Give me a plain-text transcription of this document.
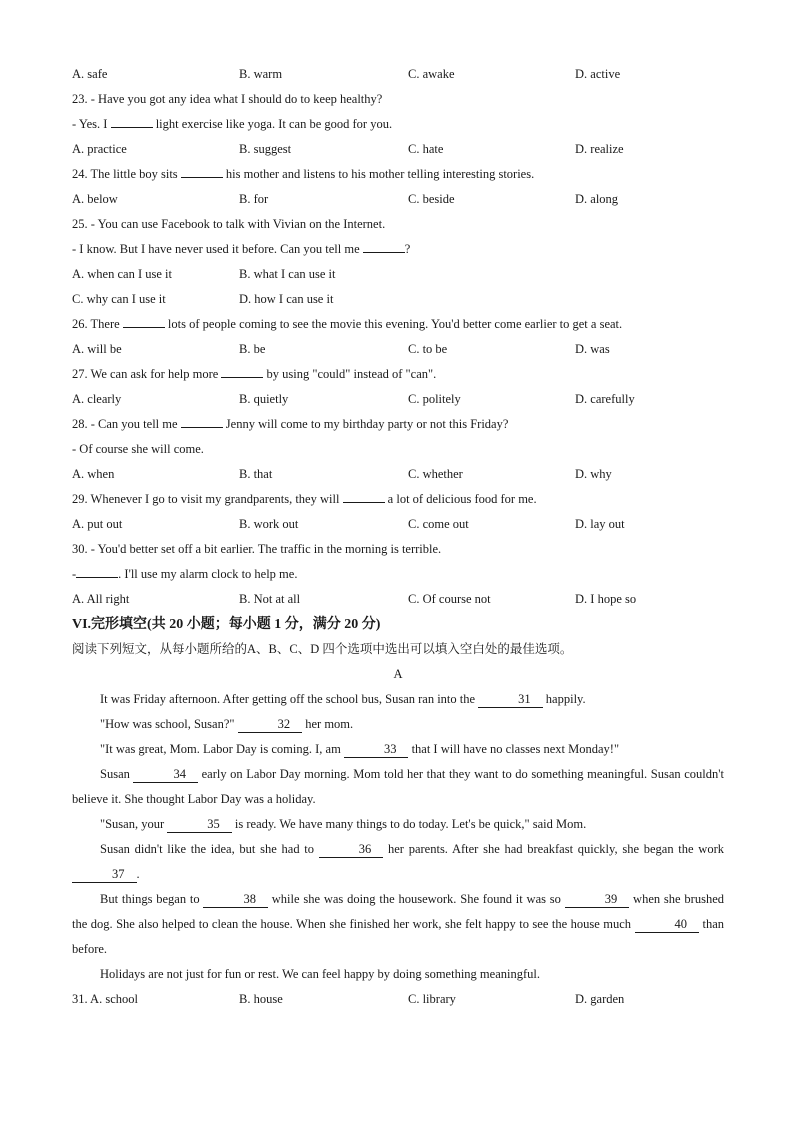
A. safe	B. warm	C. awake	D. active
23. - Have you got any idea what I should do to keep healthy?
- Yes. I	light exercise like yoga. It can be good for you.
A. practice	B. suggest	C. hate	D. realize
24. The little boy sits	his mother and listens to his mother telling interesting stories.
A. below	B. for	C. beside	D. along
25. - You can use Facebook to talk with Vivian on the Internet.
- I know. But I have never used it before. Can you tell me	?
A. when can I use it	B. what I can use it
C. why can I use it	D. how I can use it
26. There	lots of people coming to see the movie this evening. You'd better come earlier to get a seat.
A. will be	B. be	C. to be	D. was
27. We can ask for help more	by using "could" instead of "can".
A. clearly	B. quietly	C. politely	D. carefully
28. - Can you tell me	Jenny will come to my birthday party or not this Friday?
- Of course she will come.
A. when	B. that	C. whether	D. why
29. Whenever I go to visit my grandparents, they will	a lot of delicious food for me.
A. put out	B. work out	C. come out	D. lay out
30. - You'd better set off a bit earlier. The traffic in the morning is terrible.
-	. I'll use my alarm clock to help me.
A. All right	B. Not at all	C. Of course not	D. I hope so
VI.完形填空(共 20 小题；每小题 1 分，满分 20 分)
阅读下列短文，从每小题所给的A、B、C、D 四个选项中选出可以填入空白处的最佳选项。
A
It was Friday afternoon. After getting off the school bus, Susan ran into the	31 happily.
"How was school, Susan?"	32 her mom.
"It was great, Mom. Labor Day is coming. I, am	33 that I will have no classes next Monday!"
Susan	34 early on Labor Day morning. Mom told her that they want to do something meaningful. Susan couldn't believe it. She thought Labor Day was a holiday.
"Susan, your	35 is ready. We have many things to do today. Let's be quick," said Mom.
Susan didn't like the idea, but she had to	36 her parents. After she had breakfast quickly, she began the work 37 .
But things began to	38 while she was doing the housework. She found it was so	39 when she brushed the dog. She also helped to clean the house. When she finished her work, she felt happy to see the house much	40 than before.
Holidays are not just for fun or rest. We can feel happy by doing something meaningful.
31. A. school	B. house	C. library	D. garden
